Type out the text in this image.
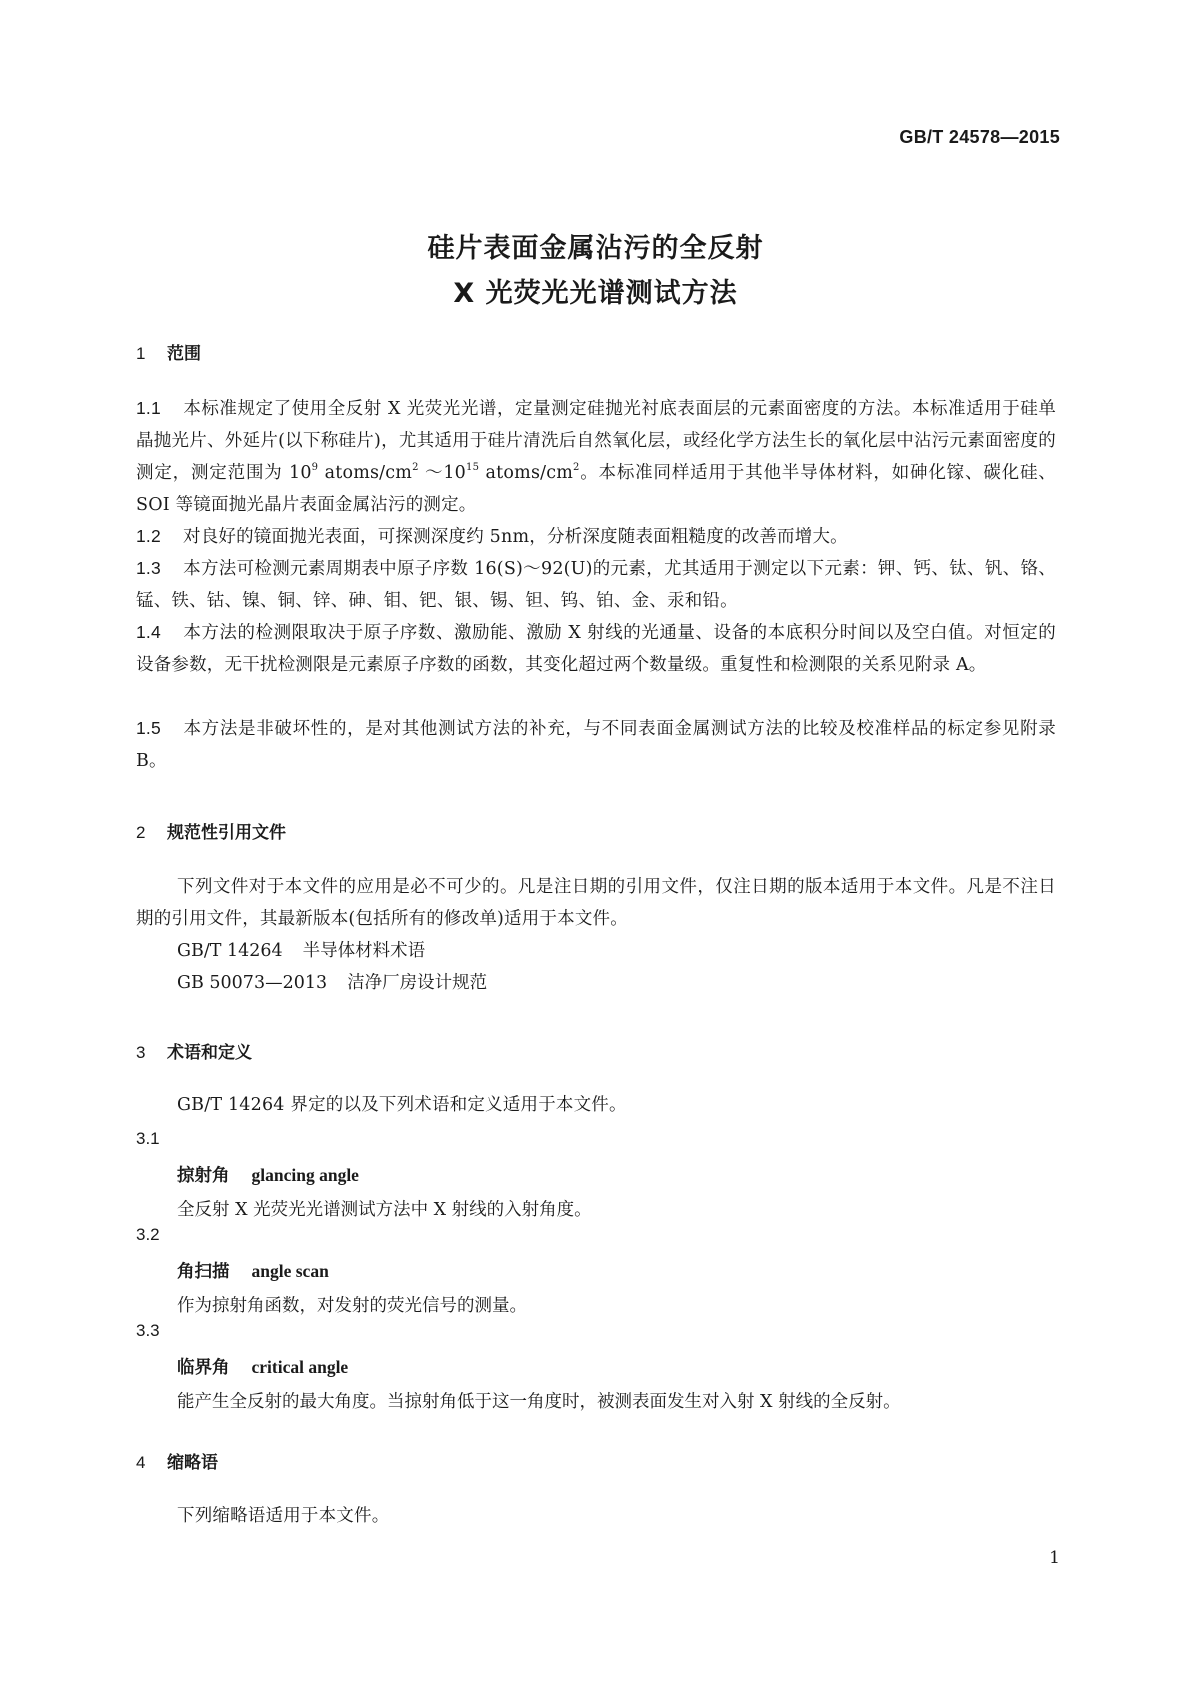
GB/T 24578—2015
硅片表面金属沾污的全反射
X 光荧光光谱测试方法
1 范围
1.1 本标准规定了使用全反射 X 光荧光光谱，定量测定硅抛光衬底表面层的元素面密度的方法。本标准适用于硅单晶抛光片、外延片(以下称硅片)，尤其适用于硅片清洗后自然氧化层，或经化学方法生长的氧化层中沾污元素面密度的测定，测定范围为 $10^9$ atoms/$cm^2$ $\sim 10^{15}$ atoms/$cm^2$。本标准同样适用于其他半导体材料，如砷化镓、碳化硅、SOI 等镜面抛光晶片表面金属沾污的测定。
1.2 对良好的镜面抛光表面，可探测深度约 5nm，分析深度随表面粗糙度的改善而增大。
1.3 本方法可检测元素周期表中原子序数 16(S)～92(U)的元素，尤其适用于测定以下元素：钾、钙、钛、钒、铬、锰、铁、钴、镍、铜、锌、砷、钼、钯、银、锡、钽、钨、铂、金、汞和铅。
1.4 本方法的检测限取决于原子序数、激励能、激励 X 射线的光通量、设备的本底积分时间以及空白值。对恒定的设备参数，无干扰检测限是元素原子序数的函数，其变化超过两个数量级。重复性和检测限的关系见附录 A。
1.5 本方法是非破坏性的，是对其他测试方法的补充，与不同表面金属测试方法的比较及校准样品的标定参见附录 B。
2 规范性引用文件
下列文件对于本文件的应用是必不可少的。凡是注日期的引用文件，仅注日期的版本适用于本文件。凡是不注日期的引用文件，其最新版本(包括所有的修改单)适用于本文件。
GB/T 14264 半导体材料术语
GB 50073—2013 洁净厂房设计规范
3 术语和定义
GB/T 14264 界定的以及下列术语和定义适用于本文件。
3.1
掠射角 glancing angle
全反射 X 光荧光光谱测试方法中 X 射线的入射角度。
3.2
角扫描 angle scan
作为掠射角函数，对发射的荧光信号的测量。
3.3
临界角 critical angle
能产生全反射的最大角度。当掠射角低于这一角度时，被测表面发生对入射 X 射线的全反射。
4 缩略语
下列缩略语适用于本文件。
1
